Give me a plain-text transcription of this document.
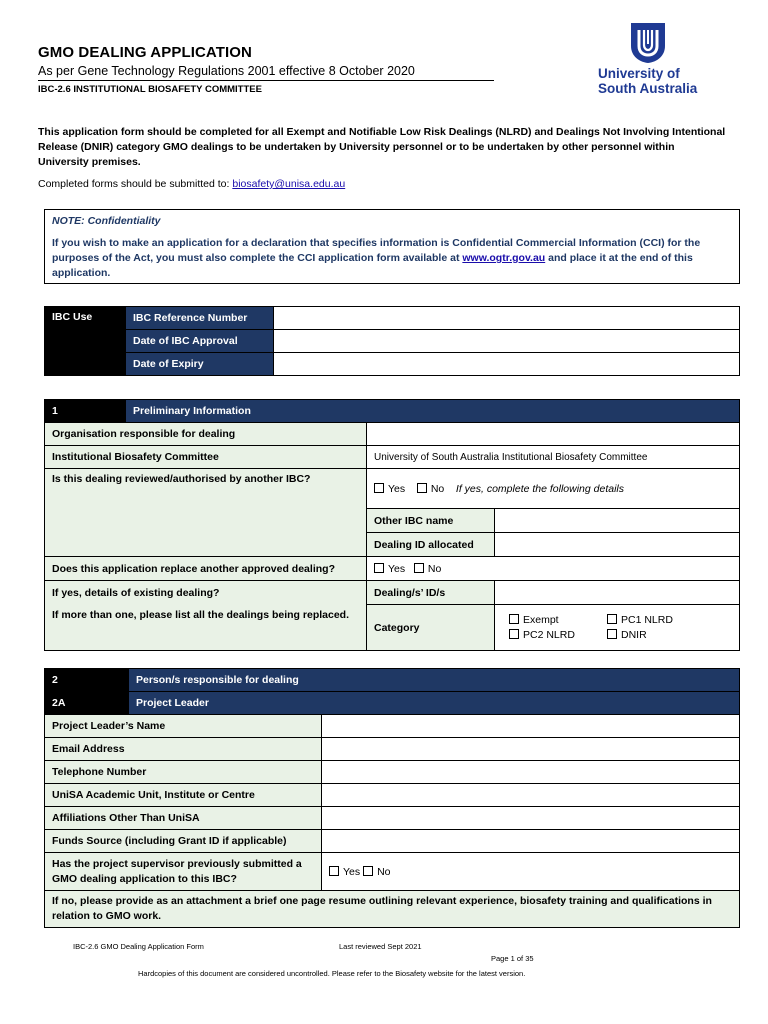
GMO DEALING APPLICATION
As per Gene Technology Regulations 2001 effective 8 October 2020
IBC-2.6 INSTITUTIONAL BIOSAFETY COMMITTEE
University of
South Australia
This application form should be completed for all Exempt and Notifiable Low Risk Dealings (NLRD) and Dealings Not Involving Intentional Release (DNIR) category GMO dealings to be undertaken by University personnel or to be undertaken by other personnel within University premises.
Completed forms should be submitted to: biosafety@unisa.edu.au
NOTE: Confidentiality
If you wish to make an application for a declaration that specifies information is Confidential Commercial Information (CCI) for the purposes of the Act, you must also complete the CCI application form available at www.ogtr.gov.au and place it at the end of this application.
IBC Use	IBC Reference Number	
	Date of IBC Approval	
	Date of Expiry	
1	Preliminary Information		
Organisation responsible for dealing			
Institutional Biosafety Committee		University of South Australia Institutional Biosafety Committee	
Is this dealing reviewed/authorised by another IBC?		Yes No If yes, complete the following details	
		Other IBC name	
		Dealing ID allocated	
Does this application replace another approved dealing?		Yes No	

If yes, details of existing dealing?
If more than one, please list all the dealings being replaced.		Dealing/s’ ID/s	
		Category	Exempt PC1 NLRD
PC2 NLRD DNIR
2	Person/s responsible for dealing	
2A	Project Leader	
Project Leader’s Name		
Email Address		
Telephone Number		
UniSA Academic Unit, Institute or Centre		
Affiliations Other Than UniSA		
Funds Source (including Grant ID if applicable)		
Has the project supervisor previously submitted a GMO dealing application to this IBC?		Yes No
If no, please provide as an attachment a brief one page resume outlining relevant experience, biosafety training and qualifications in relation to GMO work.		
IBC-2.6 GMO Dealing Application Form	Last reviewed Sept 2021
Page 1 of 35
Hardcopies of this document are considered uncontrolled. Please refer to the Biosafety website for the latest version.
